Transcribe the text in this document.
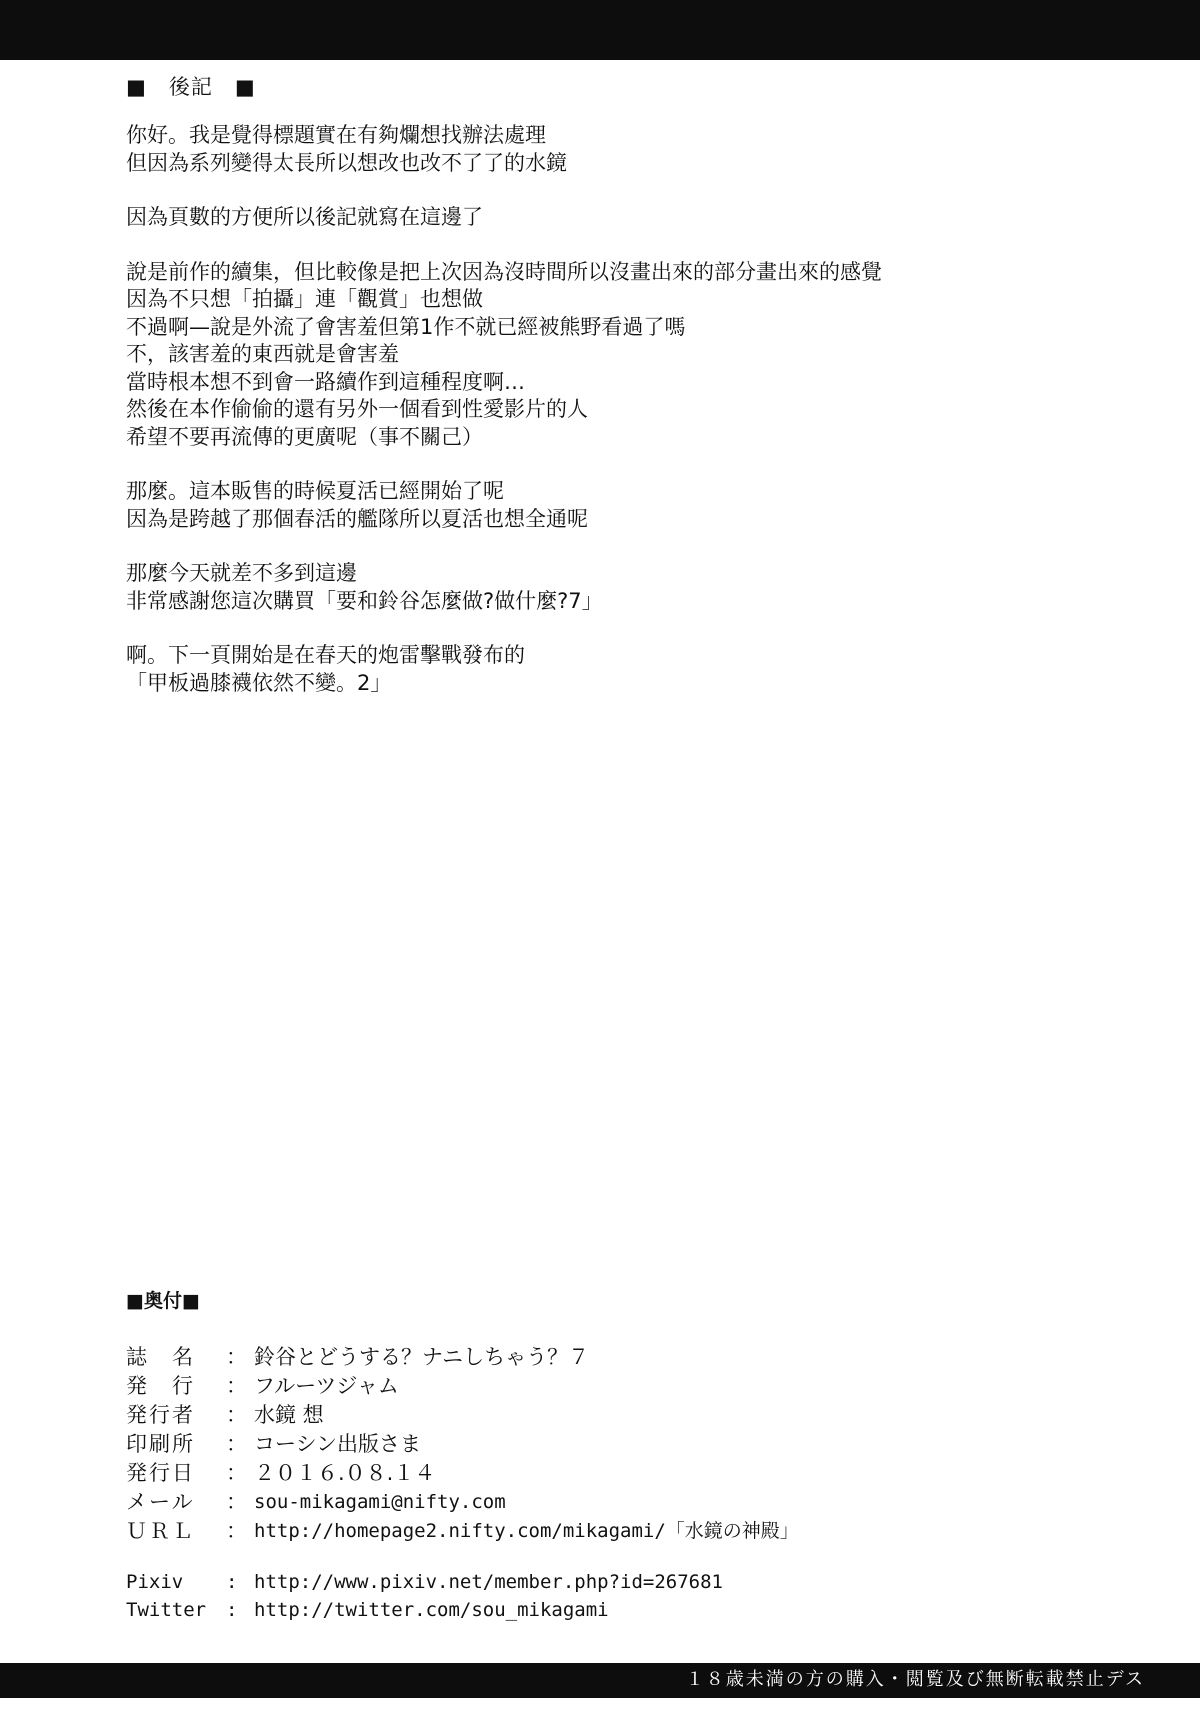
■　後記　■
你好。我是覺得標題實在有夠爛想找辦法處理
但因為系列變得太長所以想改也改不了了的水鏡
因為頁數的方便所以後記就寫在這邊了
說是前作的續集，但比較像是把上次因為沒時間所以沒畫出來的部分畫出來的感覺
因為不只想「拍攝」連「觀賞」也想做
不過啊—說是外流了會害羞但第1作不就已經被熊野看過了嗎
不，該害羞的東西就是會害羞
當時根本想不到會一路續作到這種程度啊…
然後在本作偷偷的還有另外一個看到性愛影片的人
希望不要再流傳的更廣呢（事不關己）
那麼。這本販售的時候夏活已經開始了呢
因為是跨越了那個春活的艦隊所以夏活也想全通呢
那麼今天就差不多到這邊
非常感謝您這次購買「要和鈴谷怎麼做?做什麼?7」
啊。下一頁開始是在春天的炮雷擊戰發布的
「甲板過膝襪依然不變。2」
■奥付■
誌　名	： 鈴谷とどうする？ナニしちゃう？７
発　行	： フルーツジャム
発行者	： 水鏡 想
印刷所	： コーシン出版さま
発行日	： ２０１６.０８.１４
メール	： sou-mikagami@nifty.com
ＵＲＬ	： http://homepage2.nifty.com/mikagami/「水鏡の神殿」
Pixiv	: http://www.pixiv.net/member.php?id=267681
Twitter	: http://twitter.com/sou_mikagami
１８歳未満の方の購入・閲覧及び無断転載禁止デス
